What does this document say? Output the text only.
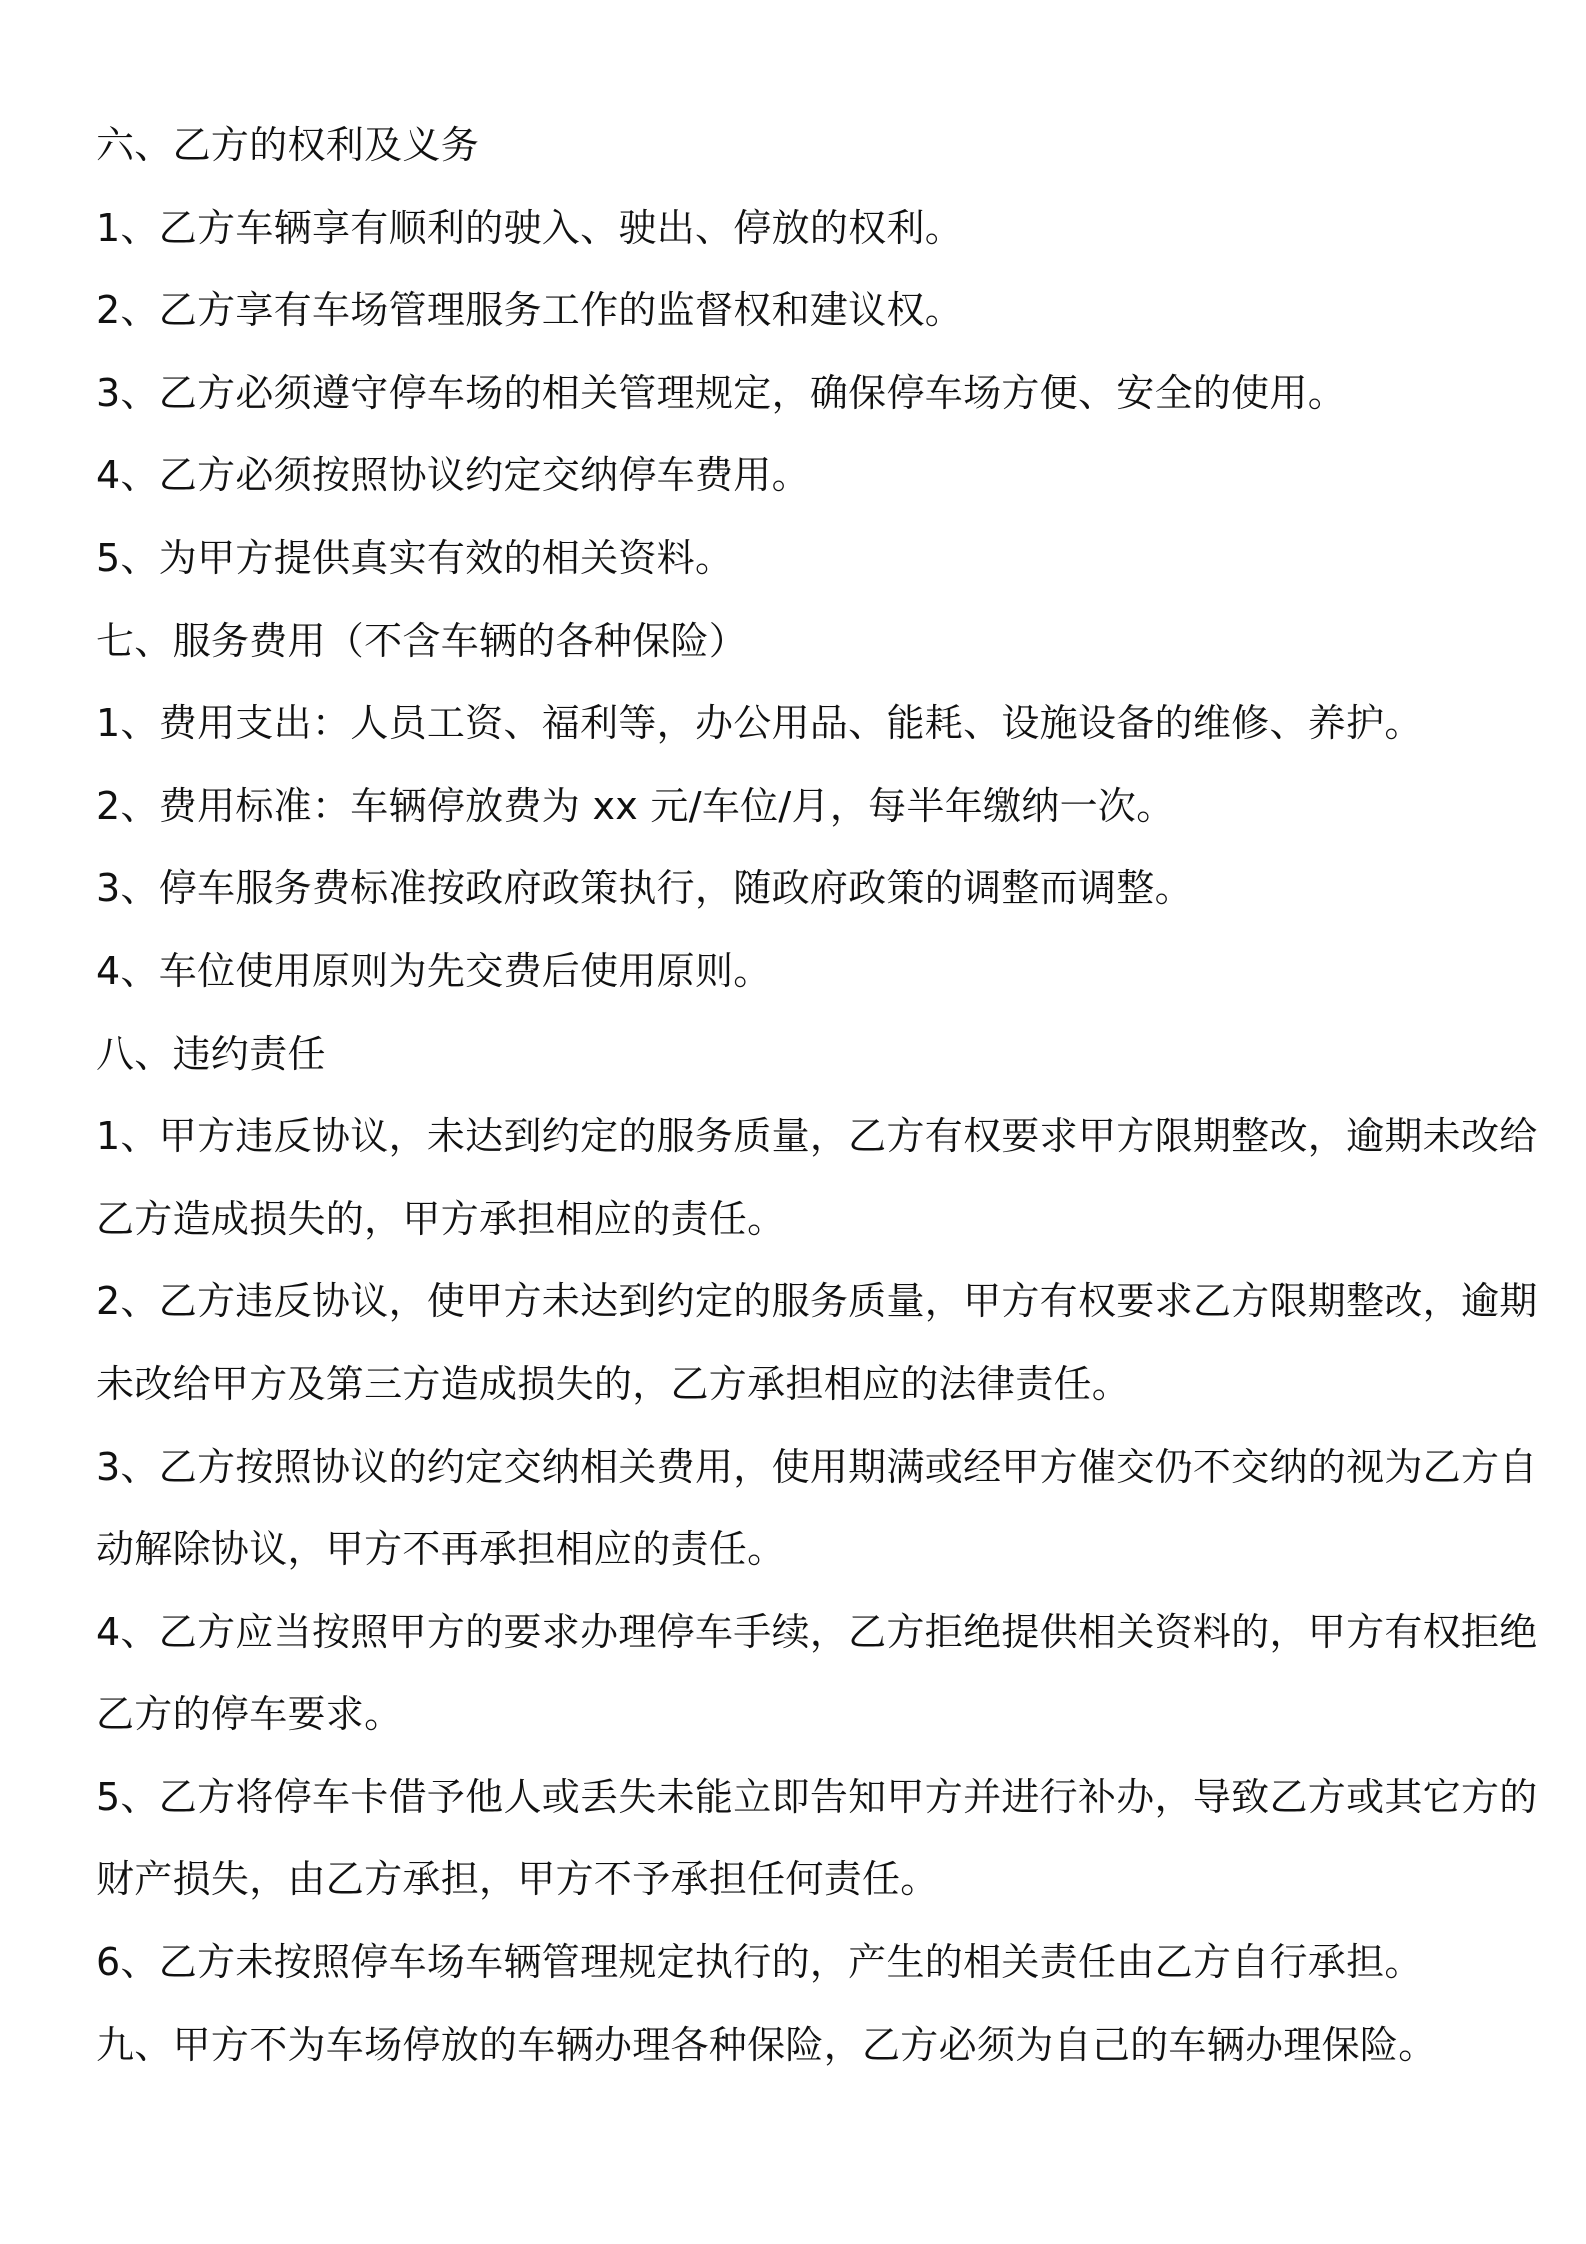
六、乙方的权利及义务
1、乙方车辆享有顺利的驶入、驶出、停放的权利。
2、乙方享有车场管理服务工作的监督权和建议权。
3、乙方必须遵守停车场的相关管理规定，确保停车场方便、安全的使用。
4、乙方必须按照协议约定交纳停车费用。
5、为甲方提供真实有效的相关资料。
七、服务费用（不含车辆的各种保险）
1、费用支出：人员工资、福利等，办公用品、能耗、设施设备的维修、养护。
2、费用标准：车辆停放费为 xx 元/车位/月，每半年缴纳一次。
3、停车服务费标准按政府政策执行，随政府政策的调整而调整。
4、车位使用原则为先交费后使用原则。
八、违约责任
1、甲方违反协议，未达到约定的服务质量，乙方有权要求甲方限期整改，逾期未改给
乙方造成损失的，甲方承担相应的责任。
2、乙方违反协议，使甲方未达到约定的服务质量，甲方有权要求乙方限期整改，逾期
未改给甲方及第三方造成损失的，乙方承担相应的法律责任。
3、乙方按照协议的约定交纳相关费用，使用期满或经甲方催交仍不交纳的视为乙方自
动解除协议，甲方不再承担相应的责任。
4、乙方应当按照甲方的要求办理停车手续，乙方拒绝提供相关资料的，甲方有权拒绝
乙方的停车要求。
5、乙方将停车卡借予他人或丢失未能立即告知甲方并进行补办，导致乙方或其它方的
财产损失，由乙方承担，甲方不予承担任何责任。
6、乙方未按照停车场车辆管理规定执行的，产生的相关责任由乙方自行承担。
九、甲方不为车场停放的车辆办理各种保险，乙方必须为自己的车辆办理保险。
